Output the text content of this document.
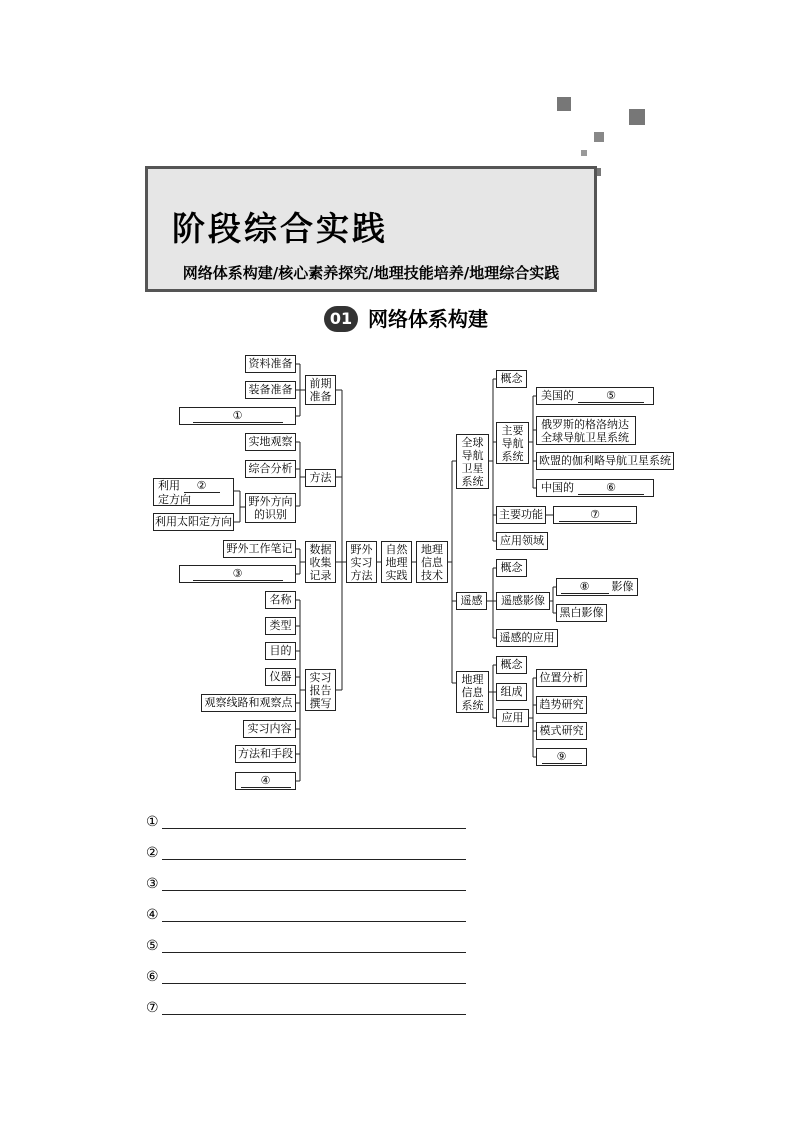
阶段综合实践
网络体系构建/核心素养探究/地理技能培养/地理综合实践
01 网络体系构建
资料准备
装备准备
①
前期
准备
实地观察
综合分析
野外方向
的识别
利用 ②
定方向
利用太阳定方向
方法
野外工作笔记
③
数据
收集
记录
名称
类型
目的
仪器
观察线路和观察点
实习内容
方法和手段
④
实习
报告
撰写
野外
实习
方法
自然
地理
实践
地理
信息
技术
全球
导航
卫星
系统
概念
主要
导航
系统
美国的	⑤
俄罗斯的格洛纳达
全球导航卫星系统
欧盟的伽利略导航卫星系统
中国的	⑥
主要功能	⑦
应用领域
遥感
概念
遥感影像
⑧	影像
黑白影像
遥感的应用
地理
信息
系统
概念
组成
应用
位置分析
趋势研究
模式研究
⑨
①
②
③
④
⑤
⑥
⑦
